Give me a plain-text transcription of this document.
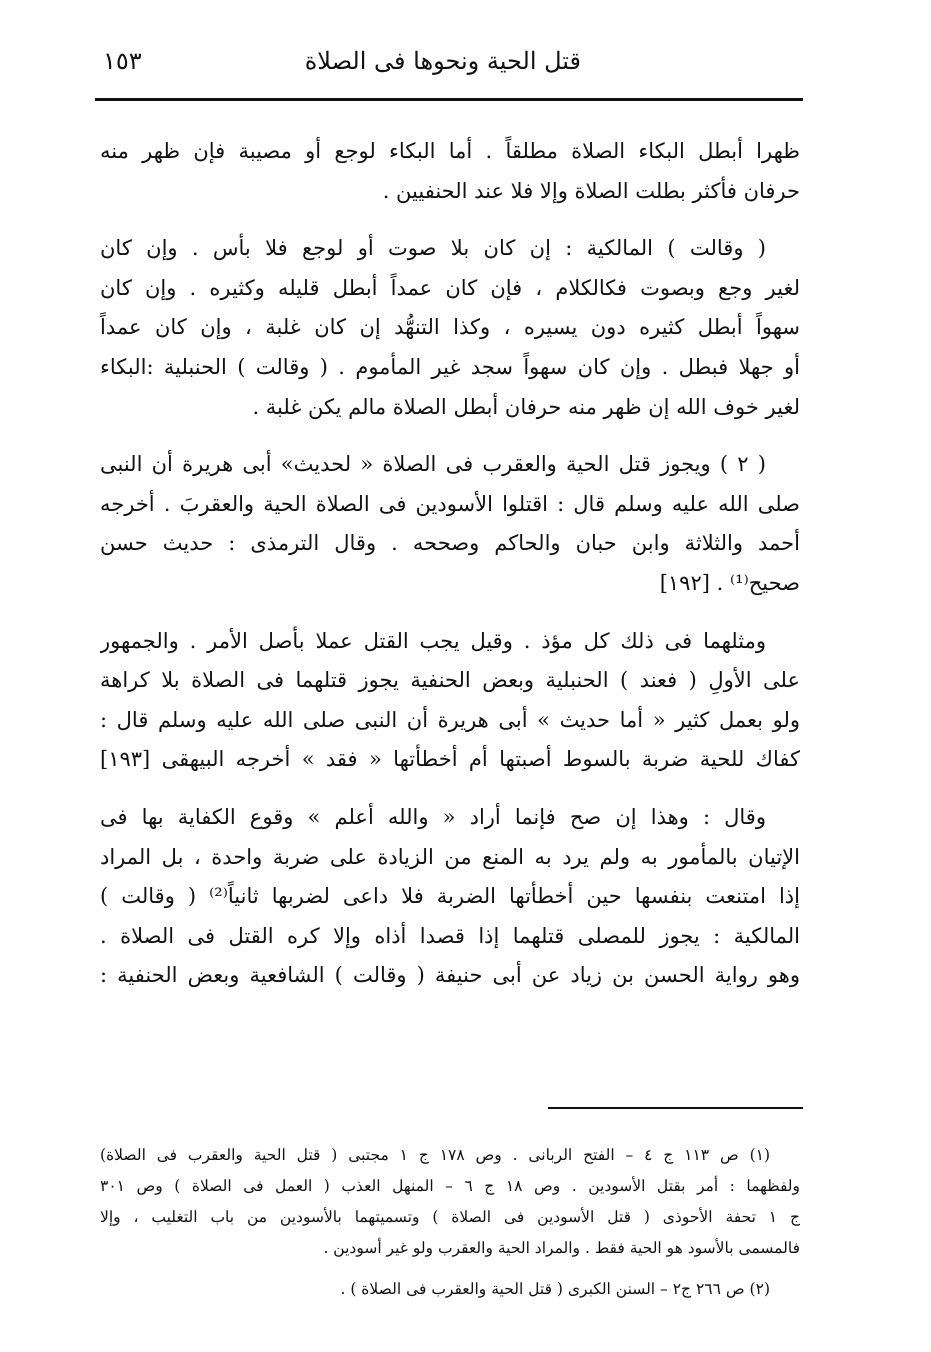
قتل الحية ونحوها فى الصلاة
١٥٣
ظهرا أبطل البكاء الصلاة مطلقاً . أما البكاء لوجع أو مصيبة فإن ظهر منه
حرفان فأكثر بطلت الصلاة وإلا فلا عند الحنفيين .
( وقالت ) المالكية : إن كان بلا صوت أو لوجع فلا بأس . وإن كان
لغير وجع وبصوت فكالكلام ، فإن كان عمداً أبطل قليله وكثيره . وإن كان
سهواً أبطل كثيره دون يسيره ، وكذا التنهُّد إن كان غلبة ، وإن كان عمداً
أو جهلا فبطل . وإن كان سهواً سجد غير المأموم . ( وقالت ) الحنبلية :البكاء
لغير خوف الله إن ظهر منه حرفان أبطل الصلاة مالم يكن غلبة .
( ٢ ) ويجوز قتل الحية والعقرب فى الصلاة « لحديث» أبى هريرة أن النبى
صلى الله عليه وسلم قال : اقتلوا الأسودين فى الصلاة الحية والعقربَ . أخرجه
أحمد والثلاثة وابن حبان والحاكم وصححه . وقال الترمذى : حديث حسن
صحيح⁽¹⁾ . [١٩٢]
ومثلهما فى ذلك كل مؤذ . وقيل يجب القتل عملا بأصل الأمر . والجمهور
على الأولِ ( فعند ) الحنبلية وبعض الحنفية يجوز قتلهما فى الصلاة بلا كراهة
ولو بعمل كثير « أما حديث » أبى هريرة أن النبى صلى الله عليه وسلم قال :
كفاك للحية ضربة بالسوط أصبتها أم أخطأتها « فقد » أخرجه البيهقى [١٩٣]
وقال : وهذا إن صح فإنما أراد « والله أعلم » وقوع الكفاية بها فى
الإتيان بالمأمور به ولم يرد به المنع من الزيادة على ضربة واحدة ، بل المراد
إذا امتنعت بنفسها حين أخطأتها الضربة فلا داعى لضربها ثانياً⁽²⁾ ( وقالت )
المالكية : يجوز للمصلى قتلهما إذا قصدا أذاه وإلا كره القتل فى الصلاة .
وهو رواية الحسن بن زياد عن أبى حنيفة ( وقالت ) الشافعية وبعض الحنفية :
(١) ص ١١٣ ج ٤ – الفتح الربانى . وص ١٧٨ ج ١ مجتبى ( قتل الحية والعقرب فى الصلاة)
ولفظهما : أمر بقتل الأسودين . وص ١٨ ج ٦ – المنهل العذب ( العمل فى الصلاة ) وص ٣٠١
ج ١ تحفة الأحوذى ( قتل الأسودين فى الصلاة ) وتسميتهما بالأسودين من باب التغليب ، وإلا
فالمسمى بالأسود هو الحية فقط . والمراد الحية والعقرب ولو غير أسودين .
(٢) ص ٢٦٦ ج٢ – السنن الكبرى ( قتل الحية والعقرب فى الصلاة ) .
